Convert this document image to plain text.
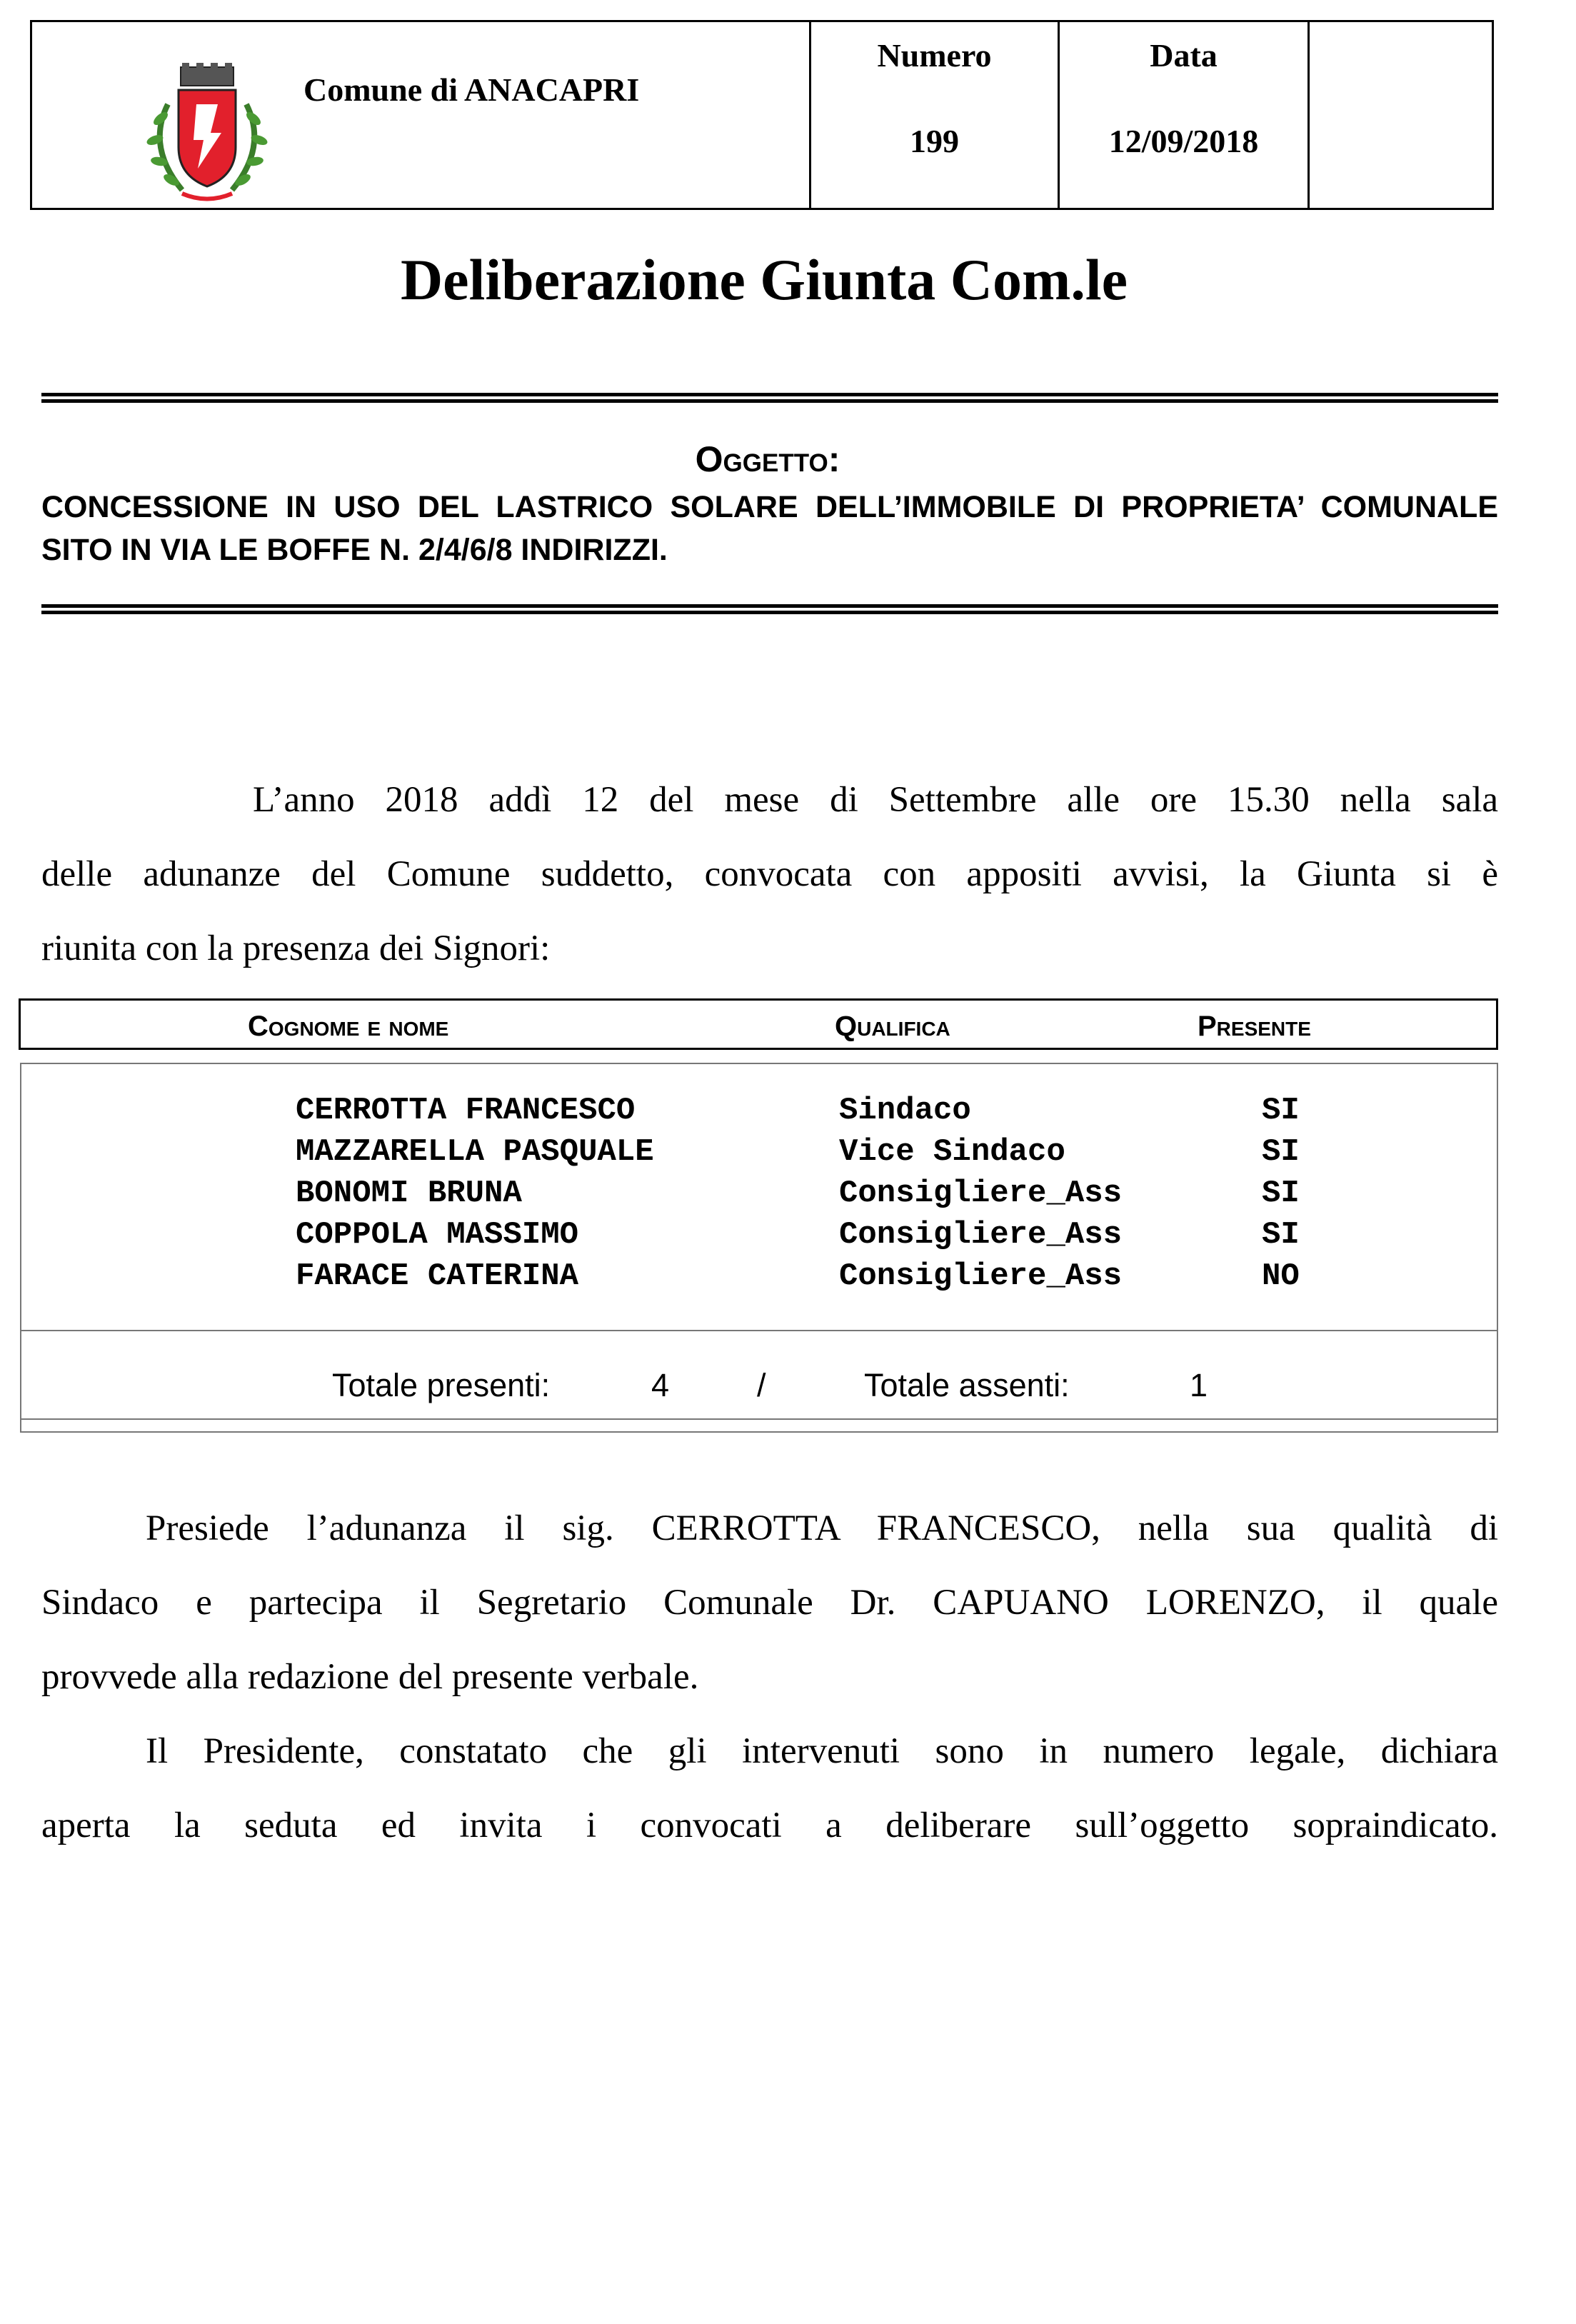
Comune di ANACAPRI
Numero
199
Data
12/09/2018
Deliberazione Giunta Com.le
Oggetto:
CONCESSIONE IN USO DEL LASTRICO SOLARE DELL’IMMOBILE DI PROPRIETA’ COMUNALE SITO IN VIA LE BOFFE N. 2/4/6/8 INDIRIZZI.
L’anno 2018 addì 12 del mese di Settembre alle ore 15.30 nella sala
delle adunanze del Comune suddetto, convocata con appositi avvisi, la Giunta si è
riunita con la presenza dei Signori:
Cognome e nome	Qualifica	Presente
CERROTTA FRANCESCO	Sindaco	SI
MAZZARELLA PASQUALE	Vice Sindaco	SI
BONOMI BRUNA	Consigliere_Ass	SI
COPPOLA MASSIMO	Consigliere_Ass	SI
FARACE CATERINA	Consigliere_Ass	NO
Totale presenti:	4	/	Totale assenti:	1
Presiede l’adunanza il sig. CERROTTA FRANCESCO, nella sua qualità di
Sindaco e partecipa il Segretario Comunale Dr. CAPUANO LORENZO, il quale
provvede alla redazione del presente verbale.
Il Presidente, constatato che gli intervenuti sono in numero legale, dichiara
aperta la seduta ed invita i convocati a deliberare sull’oggetto sopraindicato.
